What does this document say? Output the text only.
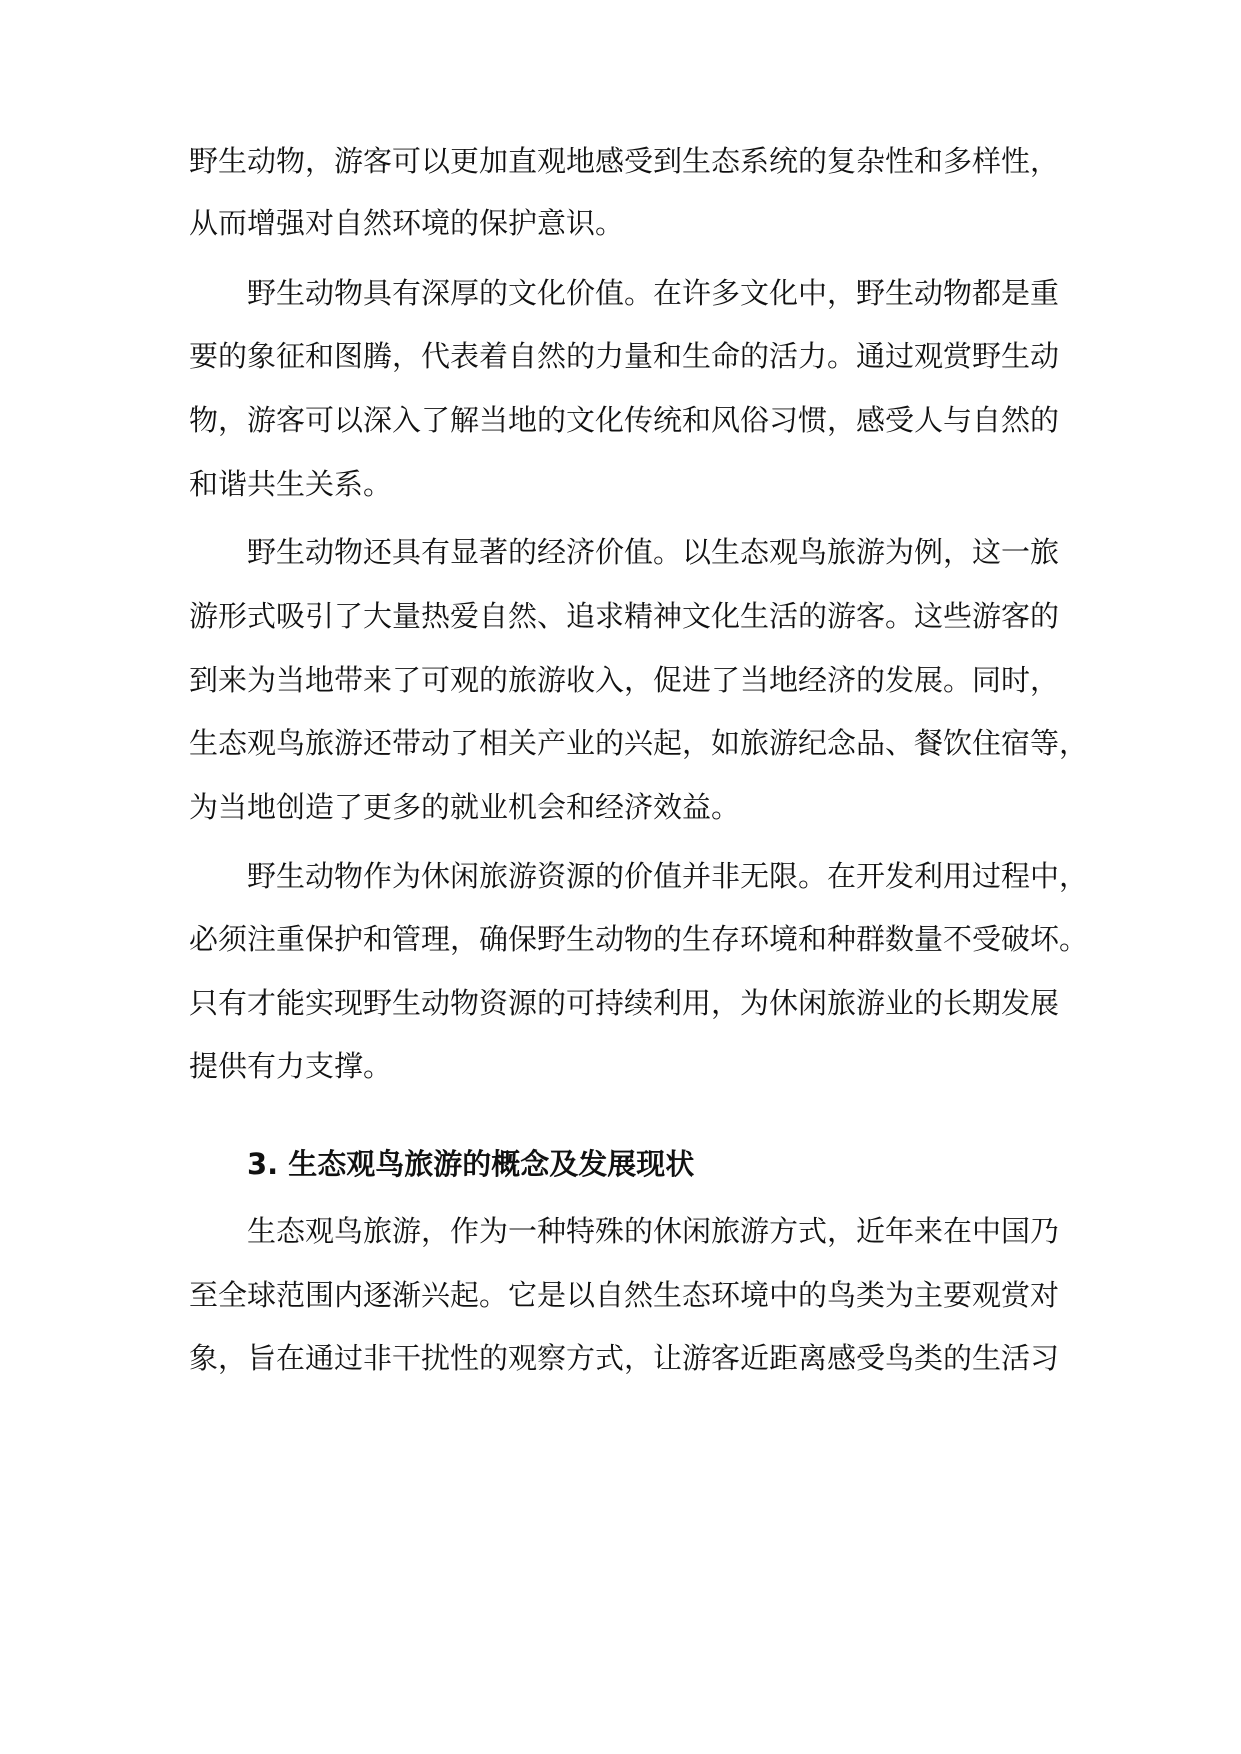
野生动物，游客可以更加直观地感受到生态系统的复杂性和多样性，
从而增强对自然环境的保护意识。
野生动物具有深厚的文化价值。在许多文化中，野生动物都是重
要的象征和图腾，代表着自然的力量和生命的活力。通过观赏野生动
物，游客可以深入了解当地的文化传统和风俗习惯，感受人与自然的
和谐共生关系。
野生动物还具有显著的经济价值。以生态观鸟旅游为例，这一旅
游形式吸引了大量热爱自然、追求精神文化生活的游客。这些游客的
到来为当地带来了可观的旅游收入，促进了当地经济的发展。同时，
生态观鸟旅游还带动了相关产业的兴起，如旅游纪念品、餐饮住宿等，
为当地创造了更多的就业机会和经济效益。
野生动物作为休闲旅游资源的价值并非无限。在开发利用过程中，
必须注重保护和管理，确保野生动物的生存环境和种群数量不受破坏。
只有才能实现野生动物资源的可持续利用，为休闲旅游业的长期发展
提供有力支撑。
3. 生态观鸟旅游的概念及发展现状
生态观鸟旅游，作为一种特殊的休闲旅游方式，近年来在中国乃
至全球范围内逐渐兴起。它是以自然生态环境中的鸟类为主要观赏对
象，旨在通过非干扰性的观察方式，让游客近距离感受鸟类的生活习
